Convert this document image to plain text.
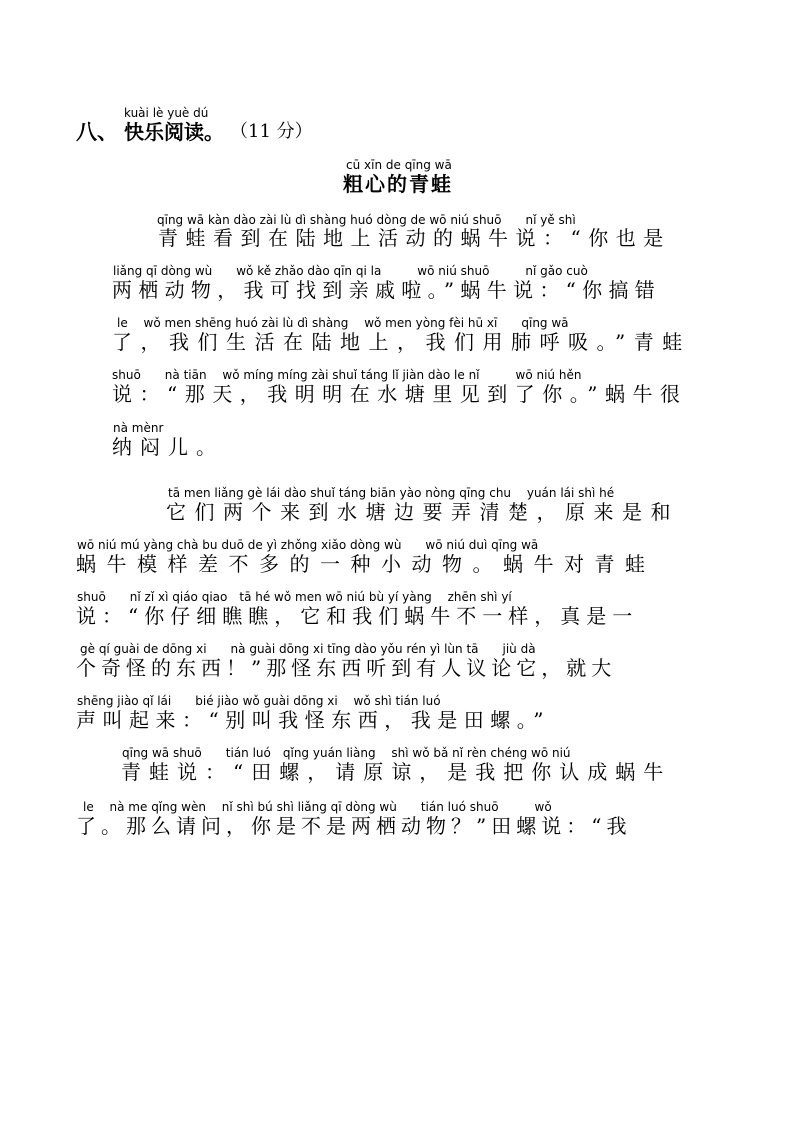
kuài lè yuè dú
八、 快乐阅读。 （11 分）
cū xīn de qīng wā
粗心的青蛙
qīng wā kàn dào zài lù dì shàng huó dòng de wō niú shuō　　nǐ yě shì
青蛙看到在陆地上活动的蜗牛说：“你也是
liǎng qī dòng wù　　wǒ kě zhǎo dào qīn qi la　　　wō niú shuō　　　nǐ gǎo cuò
两栖动物，我可找到亲戚啦。”蜗牛说：“你搞错
le　 wǒ men shēng huó zài lù dì shàng　 wǒ men yòng fèi hū xī　　qīng wā
了，我们生活在陆地上，我们用肺呼吸。”青蛙
shuō　　nà tiān　 wǒ míng míng zài shuǐ táng lǐ jiàn dào le nǐ　　　wō niú hěn
说：“那天，我明明在水塘里见到了你。”蜗牛很
nà mènr
纳闷儿。
tā men liǎng gè lái dào shuǐ táng biān yào nòng qīng chu　 yuán lái shì hé
它们两个来到水塘边要弄清楚，原来是和
wō niú mú yàng chà bu duō de yì zhǒng xiǎo dòng wù　　wō niú duì qīng wā
蜗牛模样差不多的一种小动物。蜗牛对青蛙
shuō　　nǐ zǐ xì qiáo qiao　tā hé wǒ men wō niú bù yí yàng　 zhēn shì yí
说：“你仔细瞧瞧，它和我们蜗牛不一样，真是一
gè qí guài de dōng xi　　nà guài dōng xi tīng dào yǒu rén yì lùn tā　　jiù dà
个奇怪的东西！”那怪东西听到有人议论它，就大
shēng jiào qǐ lái　　bié jiào wǒ guài dōng xi　 wǒ shì tián luó
声叫起来：“别叫我怪东西，我是田螺。”
qīng wā shuō　　tián luó　qǐng yuán liàng　 shì wǒ bǎ nǐ rèn chéng wō niú
青蛙说：“田螺，请原谅，是我把你认成蜗牛
le　 nà me qǐng wèn　 nǐ shì bú shì liǎng qī dòng wù　　tián luó shuō　　　wǒ
了。那么请问，你是不是两栖动物？”田螺说：“我
